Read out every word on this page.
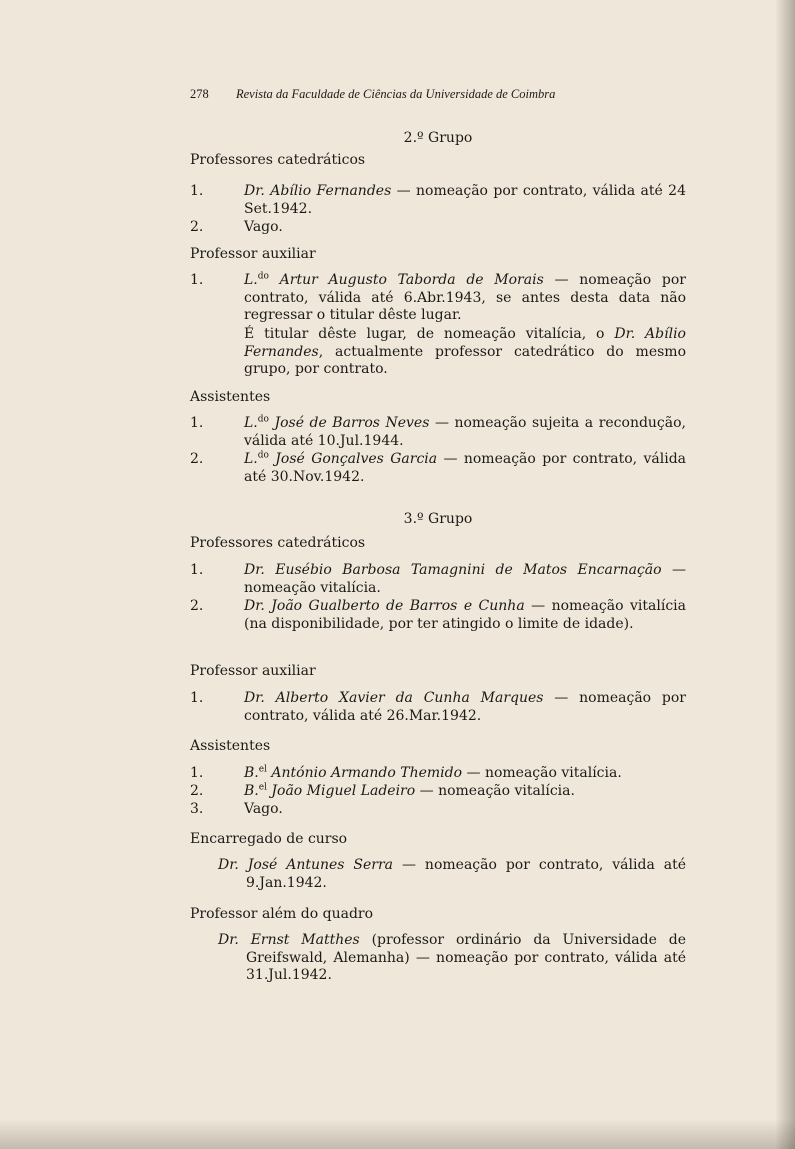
278 Revista da Faculdade de Ciências da Universidade de Coimbra
2.º Grupo
Professores catedráticos
1.	Dr. Abílio Fernandes — nomeação por contrato, válida até 24 Set.1942.
2.	Vago.
Professor auxiliar
1.	L.$^{do}$ Artur Augusto Taborda de Morais — nomeação por contrato, válida até 6.Abr.1943, se antes desta data não regressar o titular dêste lugar.
É titular dêste lugar, de nomeação vitalícia, o Dr. Abílio Fernandes, actualmente professor catedrático do mesmo grupo, por contrato.
Assistentes
1.	L.$^{do}$ José de Barros Neves — nomeação sujeita a recondução, válida até 10.Jul.1944.
2.	L.$^{do}$ José Gonçalves Garcia — nomeação por contrato, válida até 30.Nov.1942.
3.º Grupo
Professores catedráticos
1.	Dr. Eusébio Barbosa Tamagnini de Matos Encarnação — nomeação vitalícia.
2.	Dr. João Gualberto de Barros e Cunha — nomeação vitalícia (na disponibilidade, por ter atingido o limite de idade).
Professor auxiliar
1.	Dr. Alberto Xavier da Cunha Marques — nomeação por contrato, válida até 26.Mar.1942.
Assistentes
1.	B.$^{el}$ António Armando Themido — nomeação vitalícia.
2.	B.$^{el}$ João Miguel Ladeiro — nomeação vitalícia.
3.	Vago.
Encarregado de curso
Dr. José Antunes Serra — nomeação por contrato, válida até 9.Jan.1942.
Professor além do quadro
Dr. Ernst Matthes (professor ordinário da Universidade de Greifswald, Alemanha) — nomeação por contrato, válida até 31.Jul.1942.
